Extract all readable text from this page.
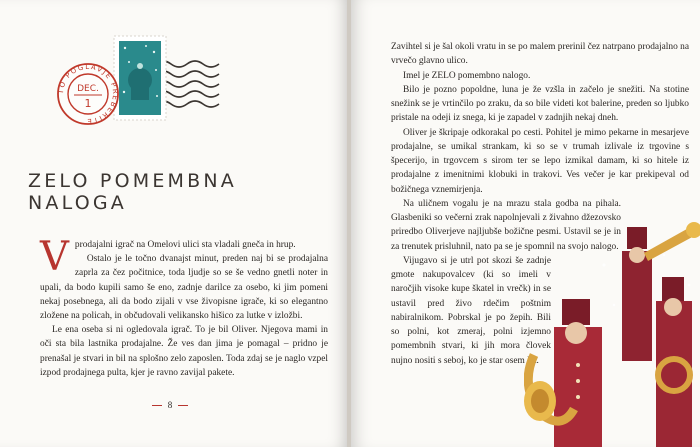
TO POGLAVJE PREBERITE
DEC.
1
ZELO POMEMBNA NALOGA

Vprodajalni igrač na Omelovi ulici sta vladali gneča in hrup.

Ostalo je le točno dvanajst minut, preden naj bi se prodajalna zaprla za čez počitnice, toda ljudje so se še vedno gnetli noter in upali, da bodo kupili samo še eno, zadnje darilce za osebo, ki jim pomeni nekaj posebnega, ali da bodo zijali v vse živopisne igrače, ki so elegantno zložene na policah, in občudovali velikansko hišico za lutke v izložbi.

Le ena oseba si ni ogledovala igrač. To je bil Oliver. Njegova mami in oči sta bila lastnika prodajalne. Že ves dan jima je pomagal – pridno je prenašal je stvari in bil na splošno zelo zaposlen. Toda zdaj se je naglo vzpel izpod prodajnega pulta, kjer je ravno zavijal pakete.

8

Zavihtel si je šal okoli vratu in se po malem prerinil čez natrpano prodajalno na vrvečo glavno ulico.

Imel je ZELO pomembno nalogo.

Bilo je pozno popoldne, luna je že vzšla in začelo je snežiti. Na stotine snežink se je vrtinčilo po zraku, da so bile videti kot balerine, preden so ljubko pristale na odeji iz snega, ki je zapadel v zadnjih nekaj dneh.

Oliver je škripaje odkorakal po cesti. Pohitel je mimo pekarne in mesarjeve prodajalne, se umikal strankam, ki so se v trumah izlivale iz trgovine s špecerijo, in trgovcem s sirom ter se lepo izmikal damam, ki so hitele iz prodajalne z imenitnimi klobuki in trakovi. Ves večer je kar prekipeval od božičnega vznemirjenja.

Na uličnem vogalu je na mrazu stala godba na pihala. Glasbeniki so večerni zrak napolnjevali z živahno džezovsko priredbo Oliverjeve najljubše božične pesmi. Ustavil se je in za trenutek prisluhnil, nato pa se je spomnil na svojo nalogo.

Vijugavo si je utrl pot skozi še zadnje gmote nakupovalcev (ki so imeli v naročjih visoke kupe škatel in vrečk) in se ustavil pred živo rdečim poštnim nabiralnikom. Pobrskal je po žepih. Bili so polni, kot zmeraj, polni izjemno pomembnih stvari, ki jih mora človek nujno nositi s seboj, ko je star osem let.
